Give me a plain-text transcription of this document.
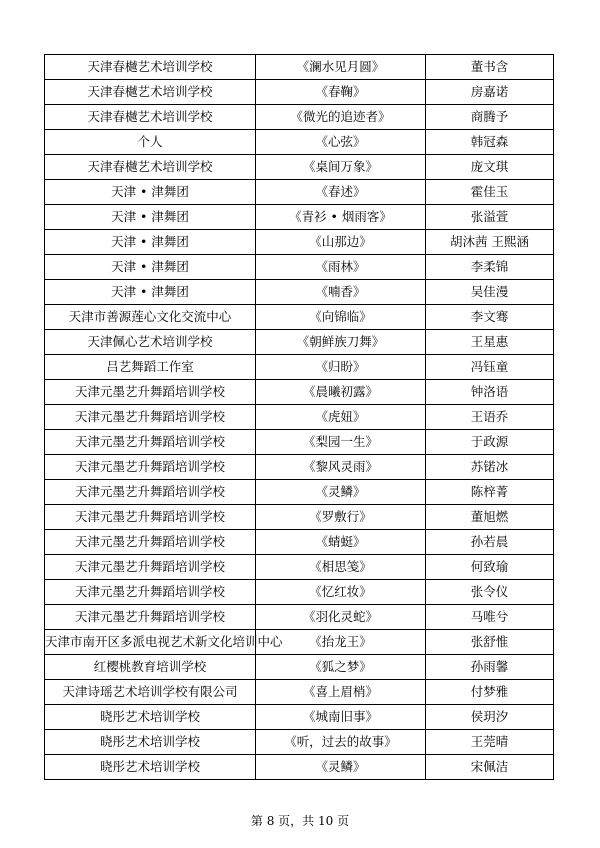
天津春樾艺术培训学校	《澜水见月圆》	董书含
天津春樾艺术培训学校	《春鞠》	房嘉诺
天津春樾艺术培训学校	《微光的追迹者》	商腾予
个人	《心弦》	韩冠森
天津春樾艺术培训学校	《桌间万象》	庞文琪
天津 • 津舞团	《春述》	霍佳玉
天津 • 津舞团	《青衫 • 烟雨客》	张溢萱
天津 • 津舞团	《山那边》	胡沐茜 王熙涵
天津 • 津舞团	《雨林》	李柔锦
天津 • 津舞团	《喃香》	吴佳漫
天津市善源莲心文化交流中心	《向锦临》	李文骞
天津佩心艺术培训学校	《朝鲜族刀舞》	王星惠
吕艺舞蹈工作室	《归盼》	冯钰童
天津元墨艺升舞蹈培训学校	《晨曦初露》	钟洛语
天津元墨艺升舞蹈培训学校	《虎妞》	王语乔
天津元墨艺升舞蹈培训学校	《梨园一生》	于政源
天津元墨艺升舞蹈培训学校	《黎风灵雨》	苏锘冰
天津元墨艺升舞蹈培训学校	《灵鳞》	陈梓菁
天津元墨艺升舞蹈培训学校	《罗敷行》	董旭燃
天津元墨艺升舞蹈培训学校	《蜻蜓》	孙若晨
天津元墨艺升舞蹈培训学校	《相思笺》	何致瑜
天津元墨艺升舞蹈培训学校	《忆红妆》	张令仪
天津元墨艺升舞蹈培训学校	《羽化灵蛇》	马唯兮
天津市南开区多派电视艺术新文化培训中心	《抬龙王》	张舒惟
红樱桃教育培训学校	《狐之梦》	孙雨馨
天津诗瑶艺术培训学校有限公司	《喜上眉梢》	付梦雅
晓彤艺术培训学校	《城南旧事》	侯玥汐
晓彤艺术培训学校	《听，过去的故事》	王莞晴
晓彤艺术培训学校	《灵鳞》	宋佩洁
第 8 页，共 10 页
